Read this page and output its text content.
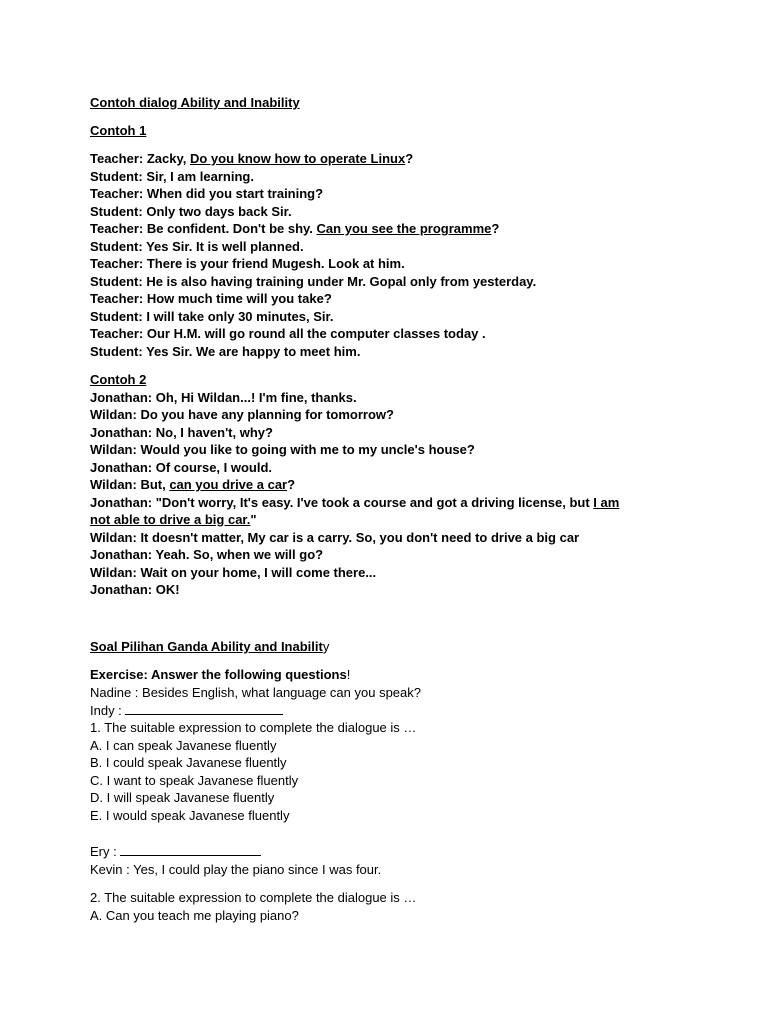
Contoh dialog Ability and Inability
Contoh 1
Teacher: Zacky, Do you know how to operate Linux?
Student: Sir, I am learning.
Teacher: When did you start training?
Student: Only two days back Sir.
Teacher: Be confident. Don't be shy. Can you see the programme?
Student: Yes Sir. It is well planned.
Teacher: There is your friend Mugesh. Look at him.
Student: He is also having training under Mr. Gopal only from yesterday.
Teacher: How much time will you take?
Student: I will take only 30 minutes, Sir.
Teacher: Our H.M. will go round all the computer classes today .
Student: Yes Sir. We are happy to meet him.
Contoh 2
Jonathan: Oh, Hi Wildan...! I'm fine, thanks.
Wildan: Do you have any planning for tomorrow?
Jonathan: No, I haven't, why?
Wildan: Would you like to going with me to my uncle's house?
Jonathan: Of course, I would.
Wildan: But, can you drive a car?
Jonathan: "Don't worry, It's easy. I've took a course and got a driving license, but I am
not able to drive a big car."
Wildan: It doesn't matter, My car is a carry. So, you don't need to drive a big car
Jonathan: Yeah. So, when we will go?
Wildan: Wait on your home, I will come there...
Jonathan: OK!
Soal Pilihan Ganda Ability and Inability
Exercise: Answer the following questions!
Nadine : Besides English, what language can you speak?
Indy :
1. The suitable expression to complete the dialogue is …
A. I can speak Javanese fluently
B. I could speak Javanese fluently
C. I want to speak Javanese fluently
D. I will speak Javanese fluently
E. I would speak Javanese fluently
Ery :
Kevin : Yes, I could play the piano since I was four.
2. The suitable expression to complete the dialogue is …
A. Can you teach me playing piano?
